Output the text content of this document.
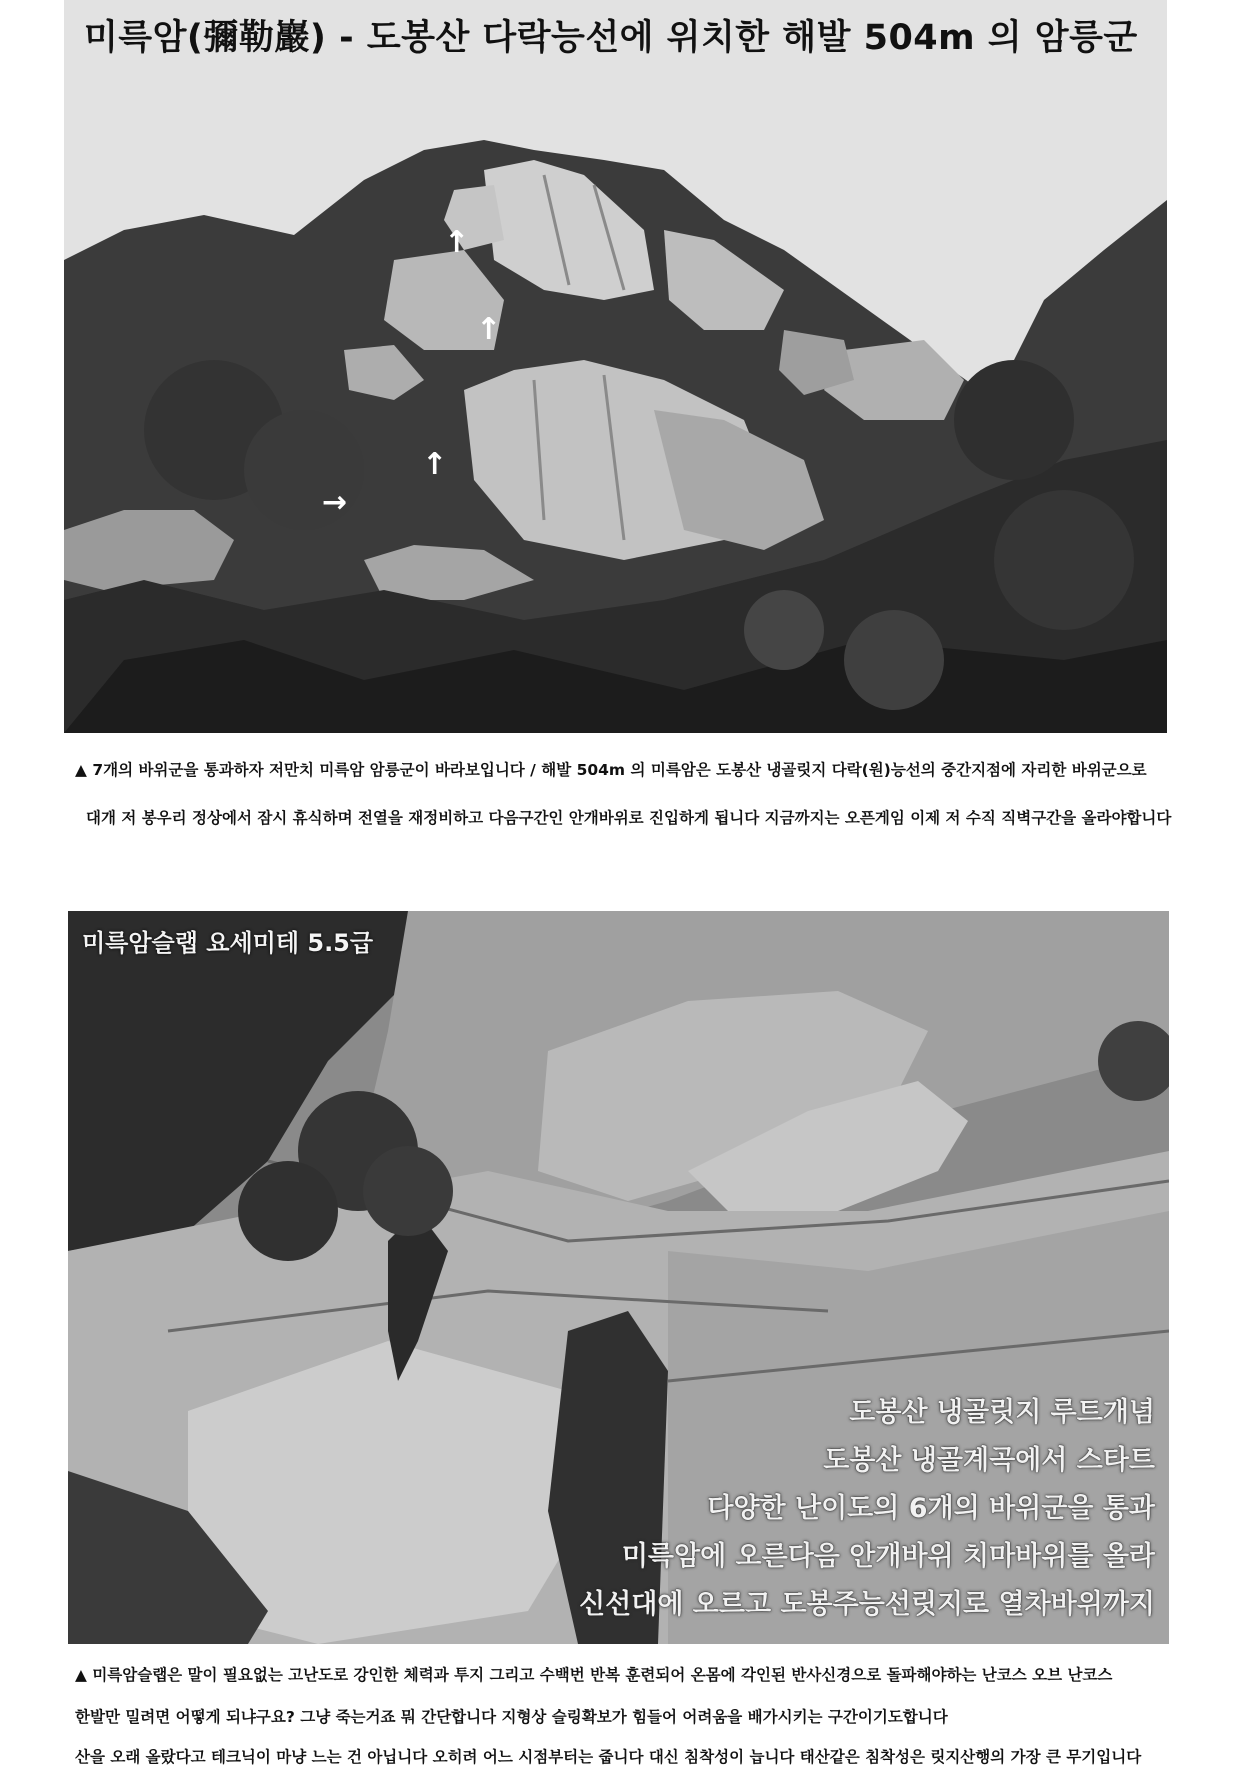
미륵암(彌勒巖) - 도봉산 다락능선에 위치한 해발 504m 의 암릉군
↑
↑
↑
→
▲ 7개의 바위군을 통과하자 저만치 미륵암 암릉군이 바라보입니다 / 해발 504m 의 미륵암은 도봉산 냉골릿지 다락(원)능선의 중간지점에 자리한 바위군으로
대개 저 봉우리 정상에서 잠시 휴식하며 전열을 재정비하고 다음구간인 안개바위로 진입하게 됩니다 지금까지는 오픈게임 이제 저 수직 직벽구간을 올라야합니다
미륵암슬랩 요세미테 5.5급
도봉산 냉골릿지 루트개념
도봉산 냉골계곡에서 스타트
다양한 난이도의 6개의 바위군을 통과
미륵암에 오른다음 안개바위 치마바위를 올라
신선대에 오르고 도봉주능선릿지로 열차바위까지
▲ 미륵암슬랩은 말이 필요없는 고난도로 강인한 체력과 투지 그리고 수백번 반복 훈련되어 온몸에 각인된 반사신경으로 돌파해야하는 난코스 오브 난코스
한발만 밀려면 어떻게 되냐구요? 그냥 죽는거죠 뭐 간단합니다 지형상 슬링확보가 힘들어 어려움을 배가시키는 구간이기도합니다
산을 오래 올랐다고 테크닉이 마냥 느는 건 아닙니다 오히려 어느 시점부터는 줍니다 대신 침착성이 늡니다 태산같은 침착성은 릿지산행의 가장 큰 무기입니다
